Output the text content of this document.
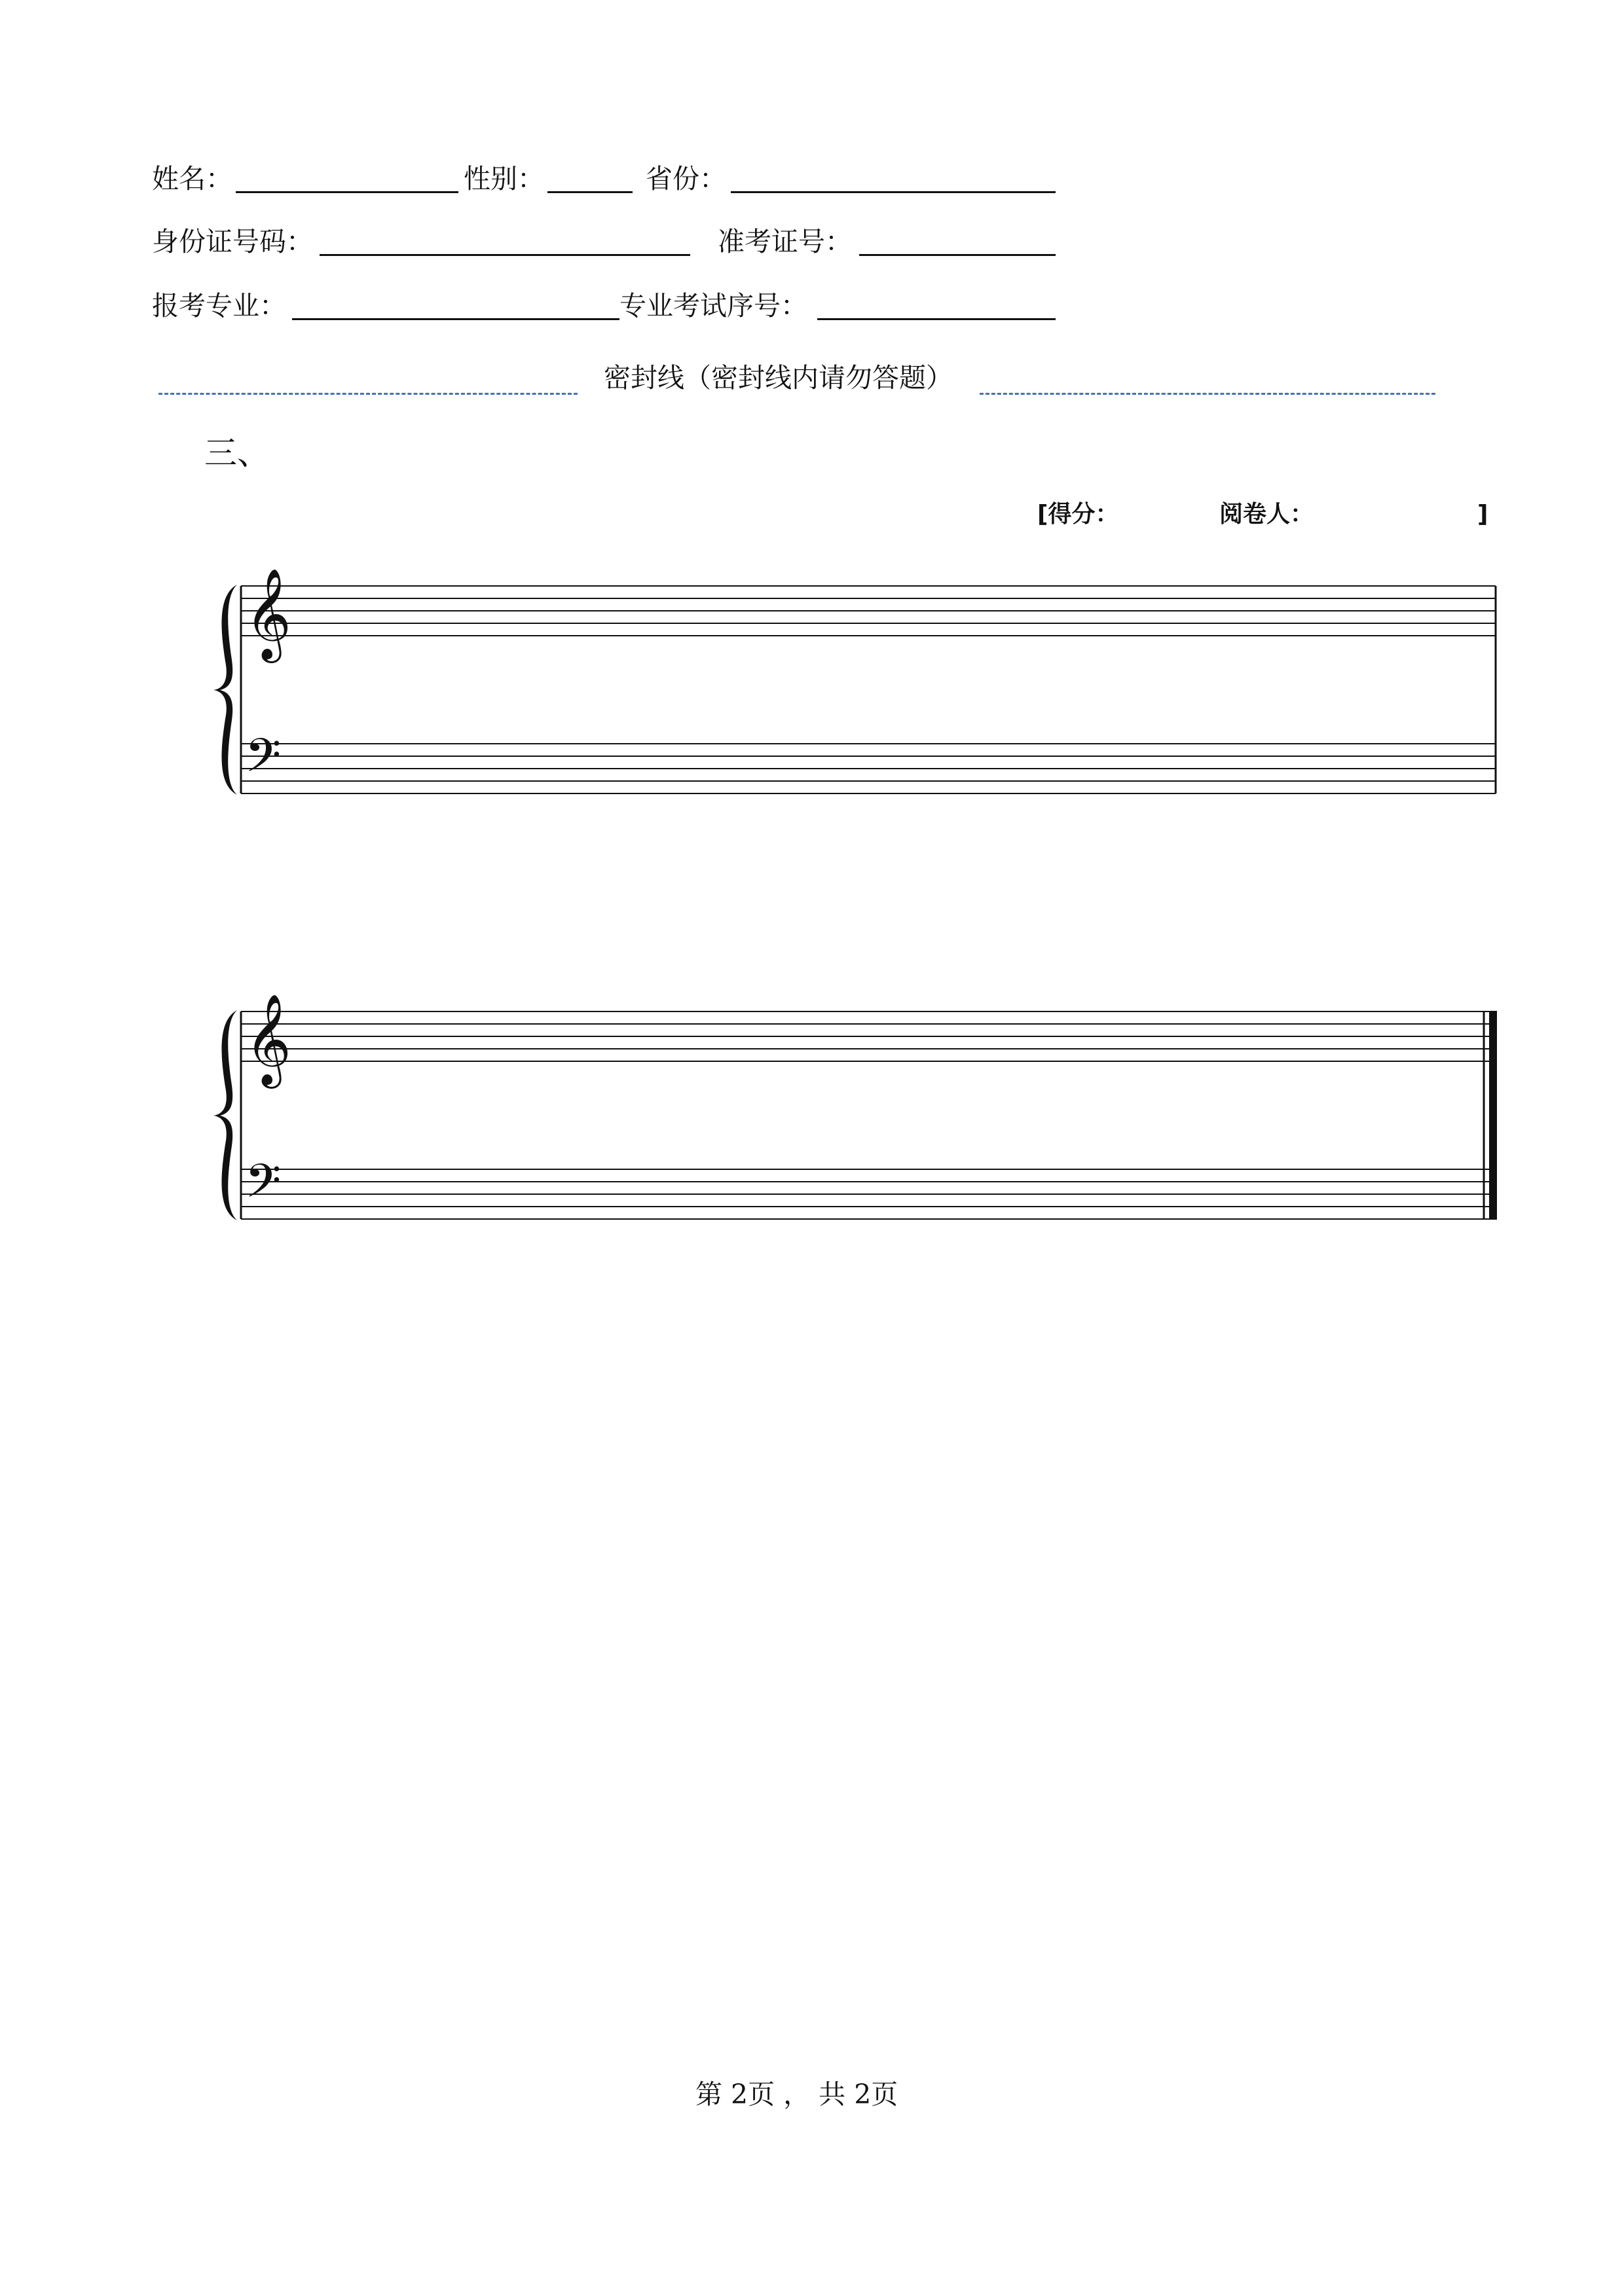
姓名：	性别：	省份：
身份证号码：	准考证号：
报考专业：	专业考试序号：
密封线（密封线内请勿答题）
三、
[得分：	阅卷人：	]
𝄞
𝄢
𝄞
𝄢
第 2页 ， 共 2页
